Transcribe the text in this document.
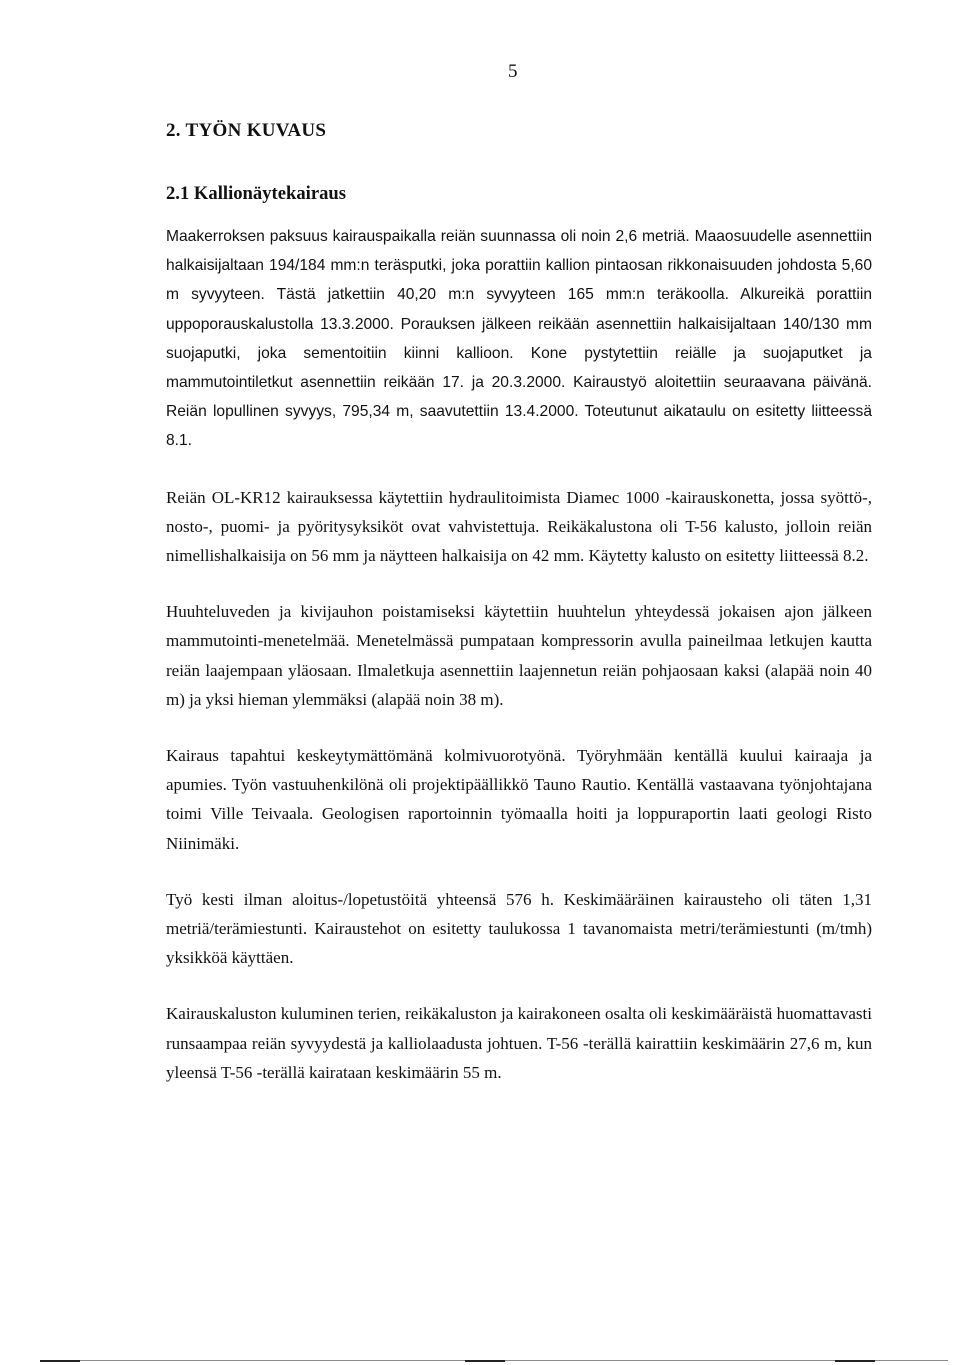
5
2. TYÖN KUVAUS
2.1 Kallionäytekairaus

Maakerroksen paksuus kairauspaikalla reiän suunnassa oli noin 2,6 metriä. Maaosuudelle asennettiin halkaisijaltaan 194/184 mm:n teräsputki, joka porattiin kallion pintaosan rikkonaisuuden johdosta 5,60 m syvyyteen. Tästä jatkettiin 40,20 m:n syvyyteen 165 mm:n teräkoolla. Alkureikä porattiin uppoporauskalustolla 13.3.2000. Porauksen jälkeen reikään asennettiin halkaisijaltaan 140/130 mm suojaputki, joka sementoitiin kiinni kallioon. Kone pystytettiin reiälle ja suojaputket ja mammutointiletkut asennettiin reikään 17. ja 20.3.2000. Kairaustyö aloitettiin seuraavana päivänä. Reiän lopullinen syvyys, 795,34 m, saavutettiin 13.4.2000. Toteutunut aikataulu on esitetty liitteessä 8.1.

Reiän OL-KR12 kairauksessa käytettiin hydraulitoimista Diamec 1000 -kairauskonetta, jossa syöttö-, nosto-, puomi- ja pyöritysyksiköt ovat vahvistettuja. Reikäkalustona oli T-56 kalusto, jolloin reiän nimellishalkaisija on 56 mm ja näytteen halkaisija on 42 mm. Käytetty kalusto on esitetty liitteessä 8.2.

Huuhteluveden ja kivijauhon poistamiseksi käytettiin huuhtelun yhteydessä jokaisen ajon jälkeen mammutointi-menetelmää. Menetelmässä pumpataan kompressorin avulla paineilmaa letkujen kautta reiän laajempaan yläosaan. Ilmaletkuja asennettiin laajennetun reiän pohjaosaan kaksi (alapää noin 40 m) ja yksi hieman ylemmäksi (alapää noin 38 m).

Kairaus tapahtui keskeytymättömänä kolmivuorotyönä. Työryhmään kentällä kuului kairaaja ja apumies. Työn vastuuhenkilönä oli projektipäällikkö Tauno Rautio. Kentällä vastaavana työnjohtajana toimi Ville Teivaala. Geologisen raportoinnin työmaalla hoiti ja loppuraportin laati geologi Risto Niinimäki.

Työ kesti ilman aloitus-/lopetustöitä yhteensä 576 h. Keskimääräinen kairausteho oli täten 1,31 metriä/terämiestunti. Kairaustehot on esitetty taulukossa 1 tavanomaista metri/terämiestunti (m/tmh) yksikköä käyttäen.

Kairauskaluston kuluminen terien, reikäkaluston ja kairakoneen osalta oli keskimääräistä huomattavasti runsaampaa reiän syvyydestä ja kalliolaadusta johtuen. T-56 -terällä kairattiin keskimäärin 27,6 m, kun yleensä T-56 -terällä kairataan keskimäärin 55 m.
